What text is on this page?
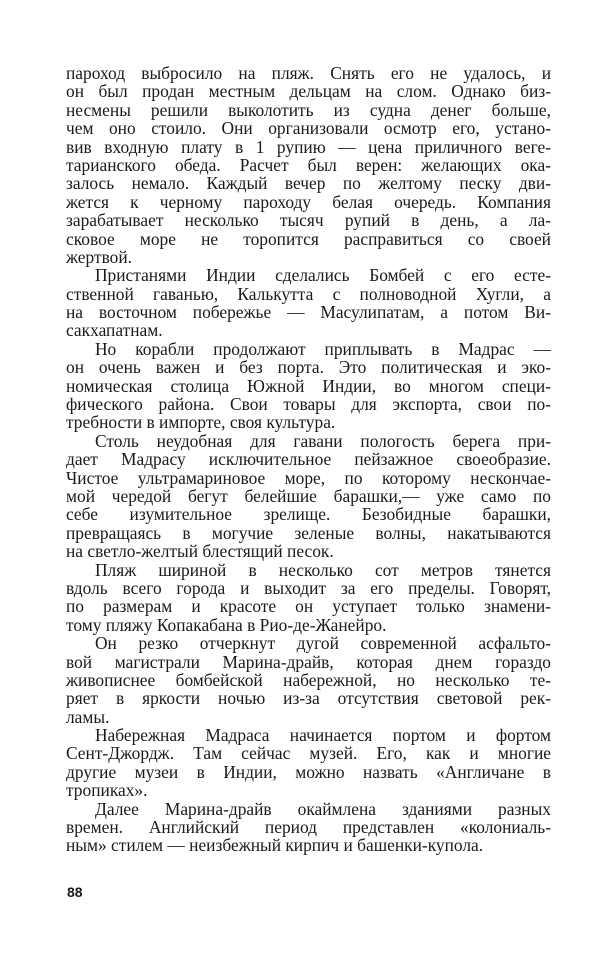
пароход выбросило на пляж. Снять его не удалось, и
он был продан местным дельцам на слом. Однако биз-
несмены решили выколотить из судна денег больше,
чем оно стоило. Они организовали осмотр его, устано-
вив входную плату в 1 рупию — цена приличного веге-
тарианского обеда. Расчет был верен: желающих ока-
залось немало. Каждый вечер по желтому песку дви-
жется к черному пароходу белая очередь. Компания
зарабатывает несколько тысяч рупий в день, а ла-
сковое море не торопится расправиться со своей
жертвой.
Пристанями Индии сделались Бомбей с его есте-
ственной гаванью, Калькутта с полноводной Хугли, а
на восточном побережье — Масулипатам, а потом Ви-
сакхапатнам.
Но корабли продолжают приплывать в Мадрас —
он очень важен и без порта. Это политическая и эко-
номическая столица Южной Индии, во многом специ-
фического района. Свои товары для экспорта, свои по-
требности в импорте, своя культура.
Столь неудобная для гавани пологость берега при-
дает Мадрасу исключительное пейзажное своеобразие.
Чистое ультрамариновое море, по которому нескончае-
мой чередой бегут белейшие барашки,— уже само по
себе изумительное зрелище. Безобидные барашки,
превращаясь в могучие зеленые волны, накатываются
на светло-желтый блестящий песок.
Пляж шириной в несколько сот метров тянется
вдоль всего города и выходит за его пределы. Говорят,
по размерам и красоте он уступает только знамени-
тому пляжу Копакабана в Рио-де-Жанейро.
Он резко отчеркнут дугой современной асфальто-
вой магистрали Марина-драйв, которая днем гораздо
живописнее бомбейской набережной, но несколько те-
ряет в яркости ночью из-за отсутствия световой рек-
ламы.
Набережная Мадраса начинается портом и фортом
Сент-Джордж. Там сейчас музей. Его, как и многие
другие музеи в Индии, можно назвать «Англичане в
тропиках».
Далее Марина-драйв окаймлена зданиями разных
времен. Английский период представлен «колониаль-
ным» стилем — неизбежный кирпич и башенки-купола.
88
